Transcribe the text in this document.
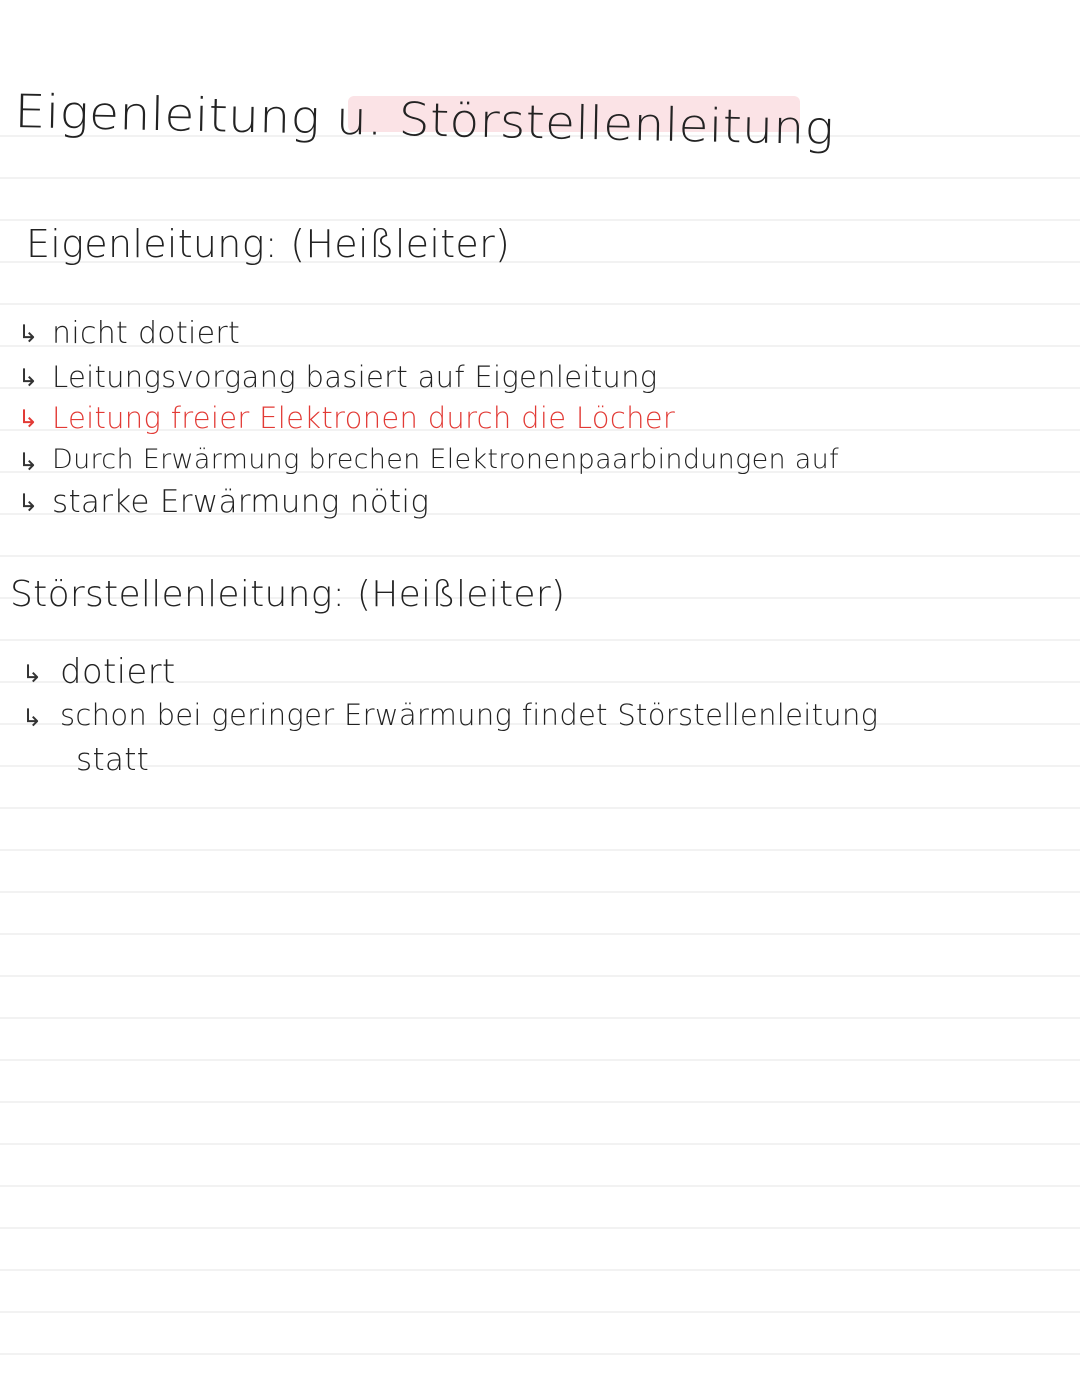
Eigenleitung u. Störstellenleitung
Eigenleitung: (Heißleiter)
↳ nicht dotiert
↳ Leitungsvorgang basiert auf Eigenleitung
↳ Leitung freier Elektronen durch die Löcher
↳ Durch Erwärmung brechen Elektronenpaarbindungen auf
↳ starke Erwärmung nötig
Störstellenleitung: (Heißleiter)
↳ dotiert
↳ schon bei geringer Erwärmung findet Störstellenleitung
statt
